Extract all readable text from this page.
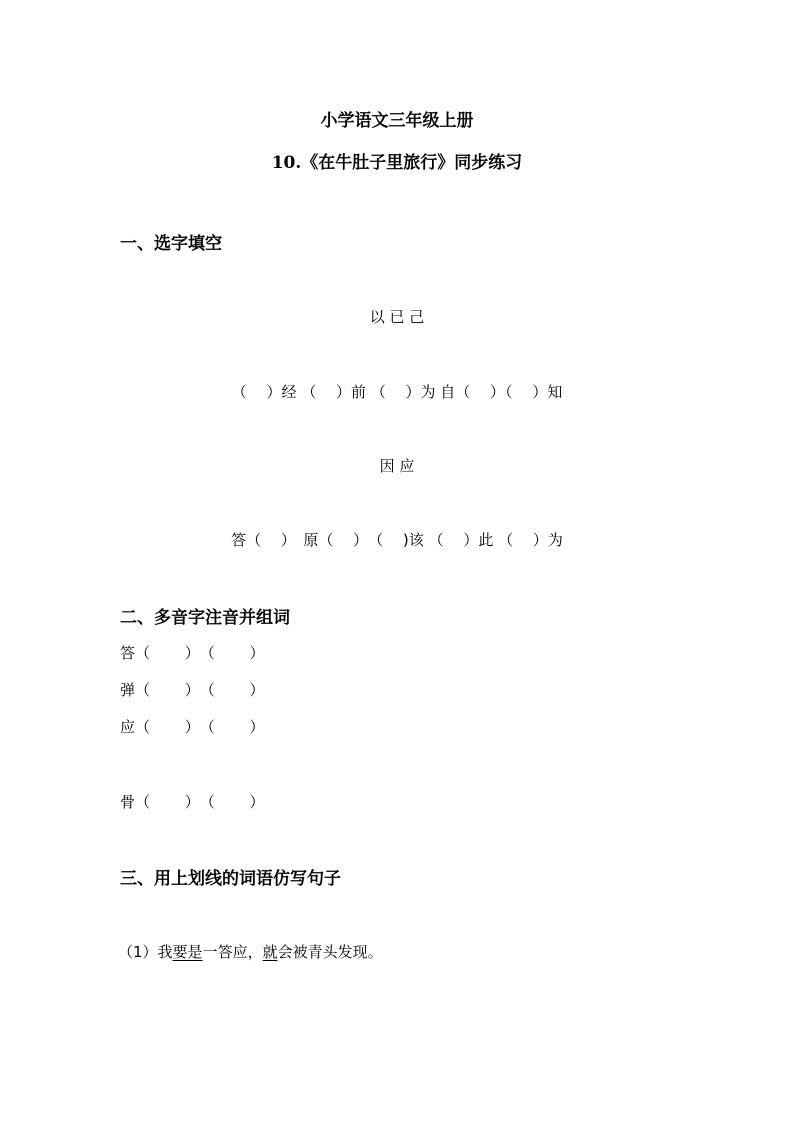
小学语文三年级上册
10.《在牛肚子里旅行》同步练习
一、选字填空
以 已 己
（　 ）经 （　 ）前 （　 ）为 自（　 ）（　 ）知
因 应
答（　 ）　原（　 ）　（　 )该 （　 ）此 （　 ）为
二、多音字注音并组词
答（　　 ）　（　　 ）
弹（　　 ）　（　　 ）
应（　　 ）　（　　 ）
骨（　　 ）　（　　 ）
三、用上划线的词语仿写句子
（1）我要是一答应，就会被青头发现。
